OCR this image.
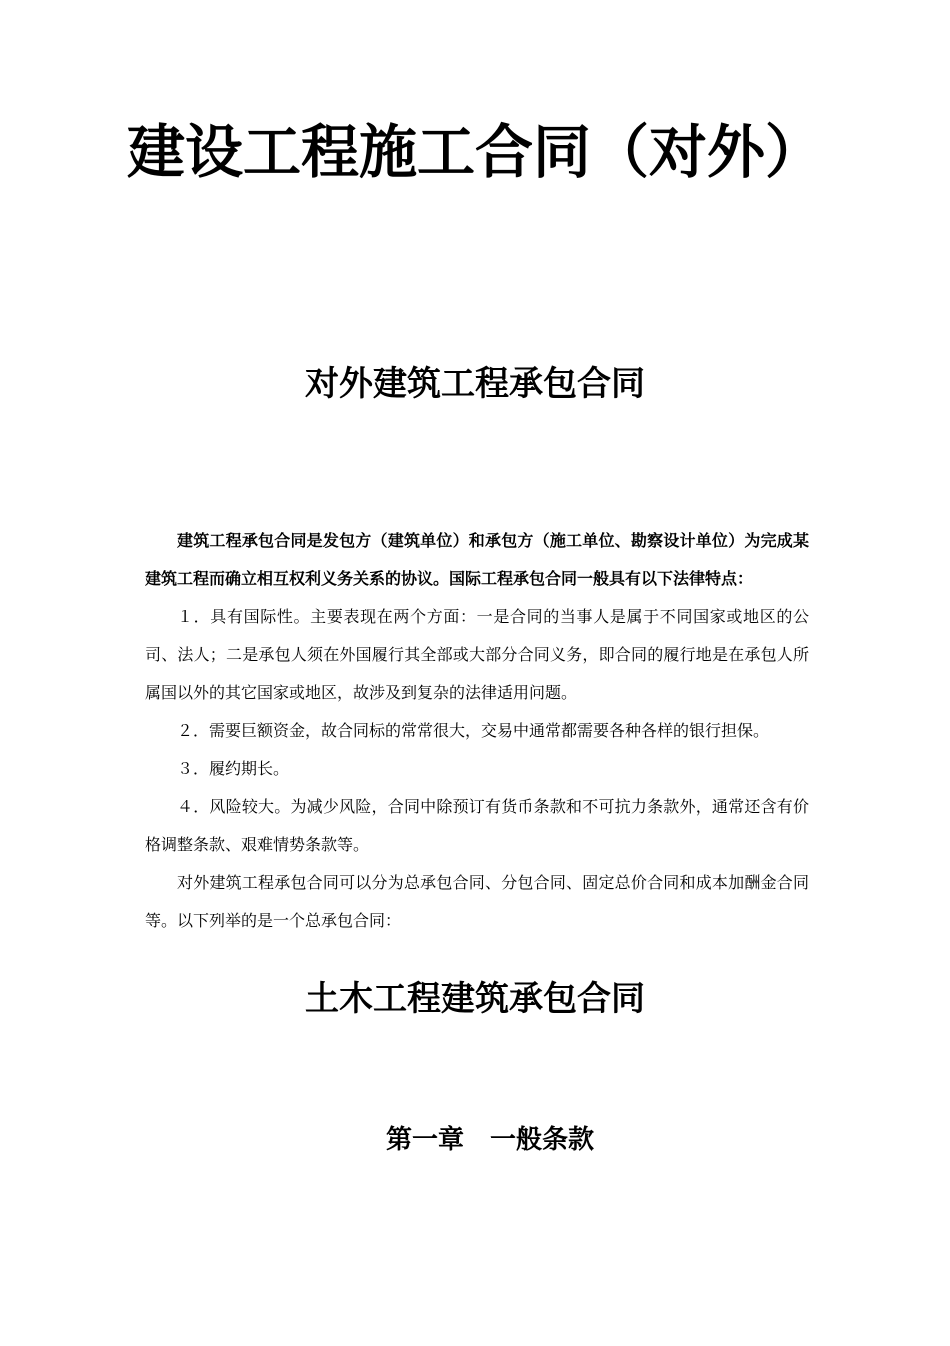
建设工程施工合同（对外）
对外建筑工程承包合同

建筑工程承包合同是发包方（建筑单位）和承包方（施工单位、勘察设计单位）为完成某建筑工程而确立相互权利义务关系的协议。国际工程承包合同一般具有以下法律特点：

１．具有国际性。主要表现在两个方面：一是合同的当事人是属于不同国家或地区的公司、法人；二是承包人须在外国履行其全部或大部分合同义务，即合同的履行地是在承包人所属国以外的其它国家或地区，故涉及到复杂的法律适用问题。

２．需要巨额资金，故合同标的常常很大，交易中通常都需要各种各样的银行担保。

３．履约期长。

４．风险较大。为减少风险，合同中除预订有货币条款和不可抗力条款外，通常还含有价格调整条款、艰难情势条款等。

对外建筑工程承包合同可以分为总承包合同、分包合同、固定总价合同和成本加酬金合同等。以下列举的是一个总承包合同：

土木工程建筑承包合同
第一章　一般条款
